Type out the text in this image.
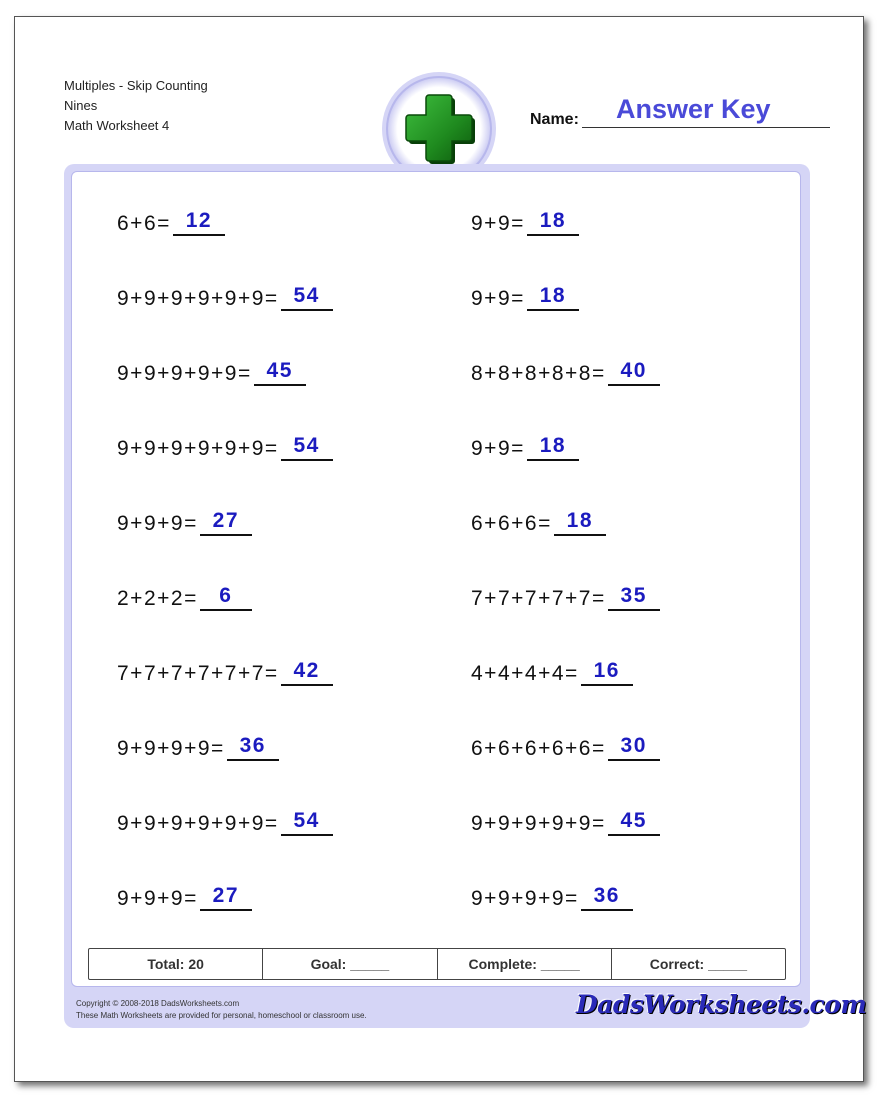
Multiples - Skip Counting
Nines
Math Worksheet 4	Name: Answer Key
6+6= 12
9+9+9+9+9+9= 54
9+9+9+9+9= 45
9+9+9+9+9+9= 54
9+9+9= 27
2+2+2= 6
7+7+7+7+7+7= 42
9+9+9+9= 36
9+9+9+9+9+9= 54
9+9+9= 27
9+9= 18
9+9= 18
8+8+8+8+8= 40
9+9= 18
6+6+6= 18
7+7+7+7+7= 35
4+4+4+4= 16
6+6+6+6+6= 30
9+9+9+9+9= 45
9+9+9+9= 36
Total: 20	Goal: _____	Complete: _____	Correct: _____
Copyright © 2008-2018 DadsWorksheets.com
These Math Worksheets are provided for personal, homeschool or classroom use.	DadsWorksheets.com
